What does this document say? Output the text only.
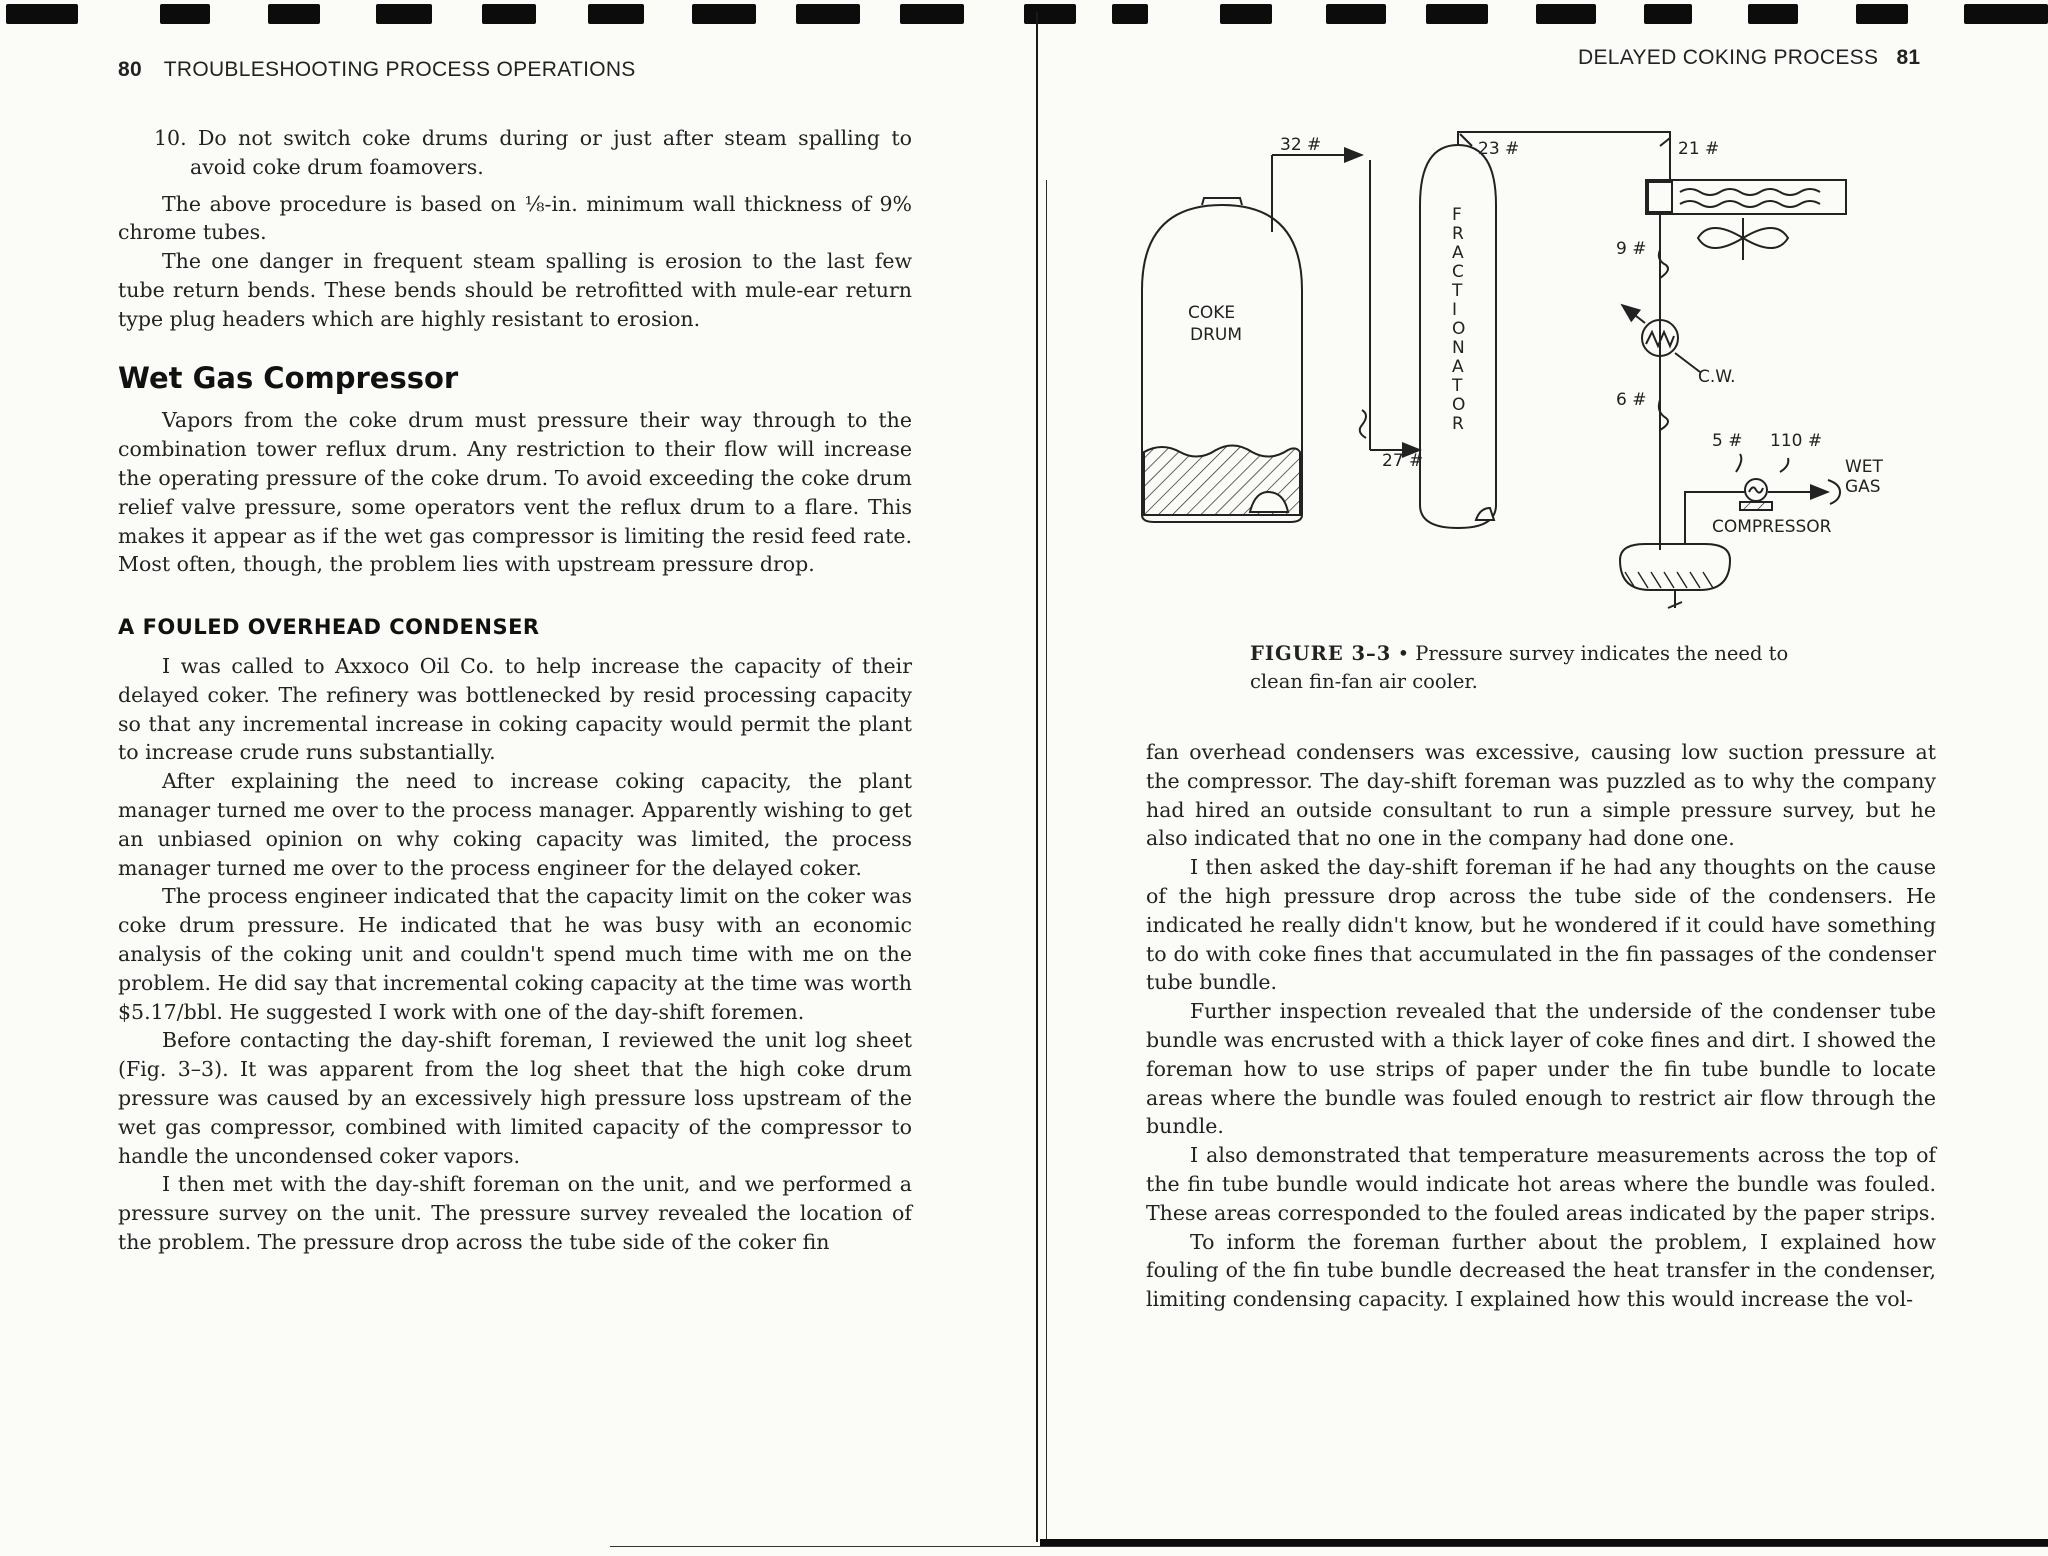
80 TROUBLESHOOTING PROCESS OPERATIONS
DELAYED COKING PROCESS 81

10. Do not switch coke drums during or just after steam spalling to avoid coke drum foamovers.

The above procedure is based on ⅛-in. minimum wall thickness of 9% chrome tubes.

The one danger in frequent steam spalling is erosion to the last few tube return bends. These bends should be retrofitted with mule-ear return type plug headers which are highly resistant to erosion.

Wet Gas Compressor

Vapors from the coke drum must pressure their way through to the combination tower reflux drum. Any restriction to their flow will increase the operating pressure of the coke drum. To avoid exceeding the coke drum relief valve pressure, some operators vent the reflux drum to a flare. This makes it appear as if the wet gas compressor is limiting the resid feed rate. Most often, though, the problem lies with upstream pressure drop.

A FOULED OVERHEAD CONDENSER

I was called to Axxoco Oil Co. to help increase the capacity of their delayed coker. The refinery was bottlenecked by resid processing capacity so that any incremental increase in coking capacity would permit the plant to increase crude runs substantially.

After explaining the need to increase coking capacity, the plant manager turned me over to the process manager. Apparently wishing to get an unbiased opinion on why coking capacity was limited, the process manager turned me over to the process engineer for the delayed coker.

The process engineer indicated that the capacity limit on the coker was coke drum pressure. He indicated that he was busy with an economic analysis of the coking unit and couldn't spend much time with me on the problem. He did say that incremental coking capacity at the time was worth $5.17/bbl. He suggested I work with one of the day-shift foremen.

Before contacting the day-shift foreman, I reviewed the unit log sheet (Fig. 3–3). It was apparent from the log sheet that the high coke drum pressure was caused by an excessively high pressure loss upstream of the wet gas compressor, combined with limited capacity of the compressor to handle the uncondensed coker vapors.

I then met with the day-shift foreman on the unit, and we performed a pressure survey on the unit. The pressure survey revealed the location of the problem. The pressure drop across the tube side of the coker fin

COKE
DRUM
F
R
A
C
T
I
O
N
A
T
O
R
32 #
27 #
23 #	21 #
9 #
6 #
C.W.
5 # 110 #
WET
GAS
COMPRESSOR
FIGURE 3–3 • Pressure survey indicates the need to clean fin-fan air cooler.

fan overhead condensers was excessive, causing low suction pressure at the compressor. The day-shift foreman was puzzled as to why the company had hired an outside consultant to run a simple pressure survey, but he also indicated that no one in the company had done one.

I then asked the day-shift foreman if he had any thoughts on the cause of the high pressure drop across the tube side of the condensers. He indicated he really didn't know, but he wondered if it could have something to do with coke fines that accumulated in the fin passages of the condenser tube bundle.

Further inspection revealed that the underside of the condenser tube bundle was encrusted with a thick layer of coke fines and dirt. I showed the foreman how to use strips of paper under the fin tube bundle to locate areas where the bundle was fouled enough to restrict air flow through the bundle.

I also demonstrated that temperature measurements across the top of the fin tube bundle would indicate hot areas where the bundle was fouled. These areas corresponded to the fouled areas indicated by the paper strips.

To inform the foreman further about the problem, I explained how fouling of the fin tube bundle decreased the heat transfer in the condenser, limiting condensing capacity. I explained how this would increase the vol-
